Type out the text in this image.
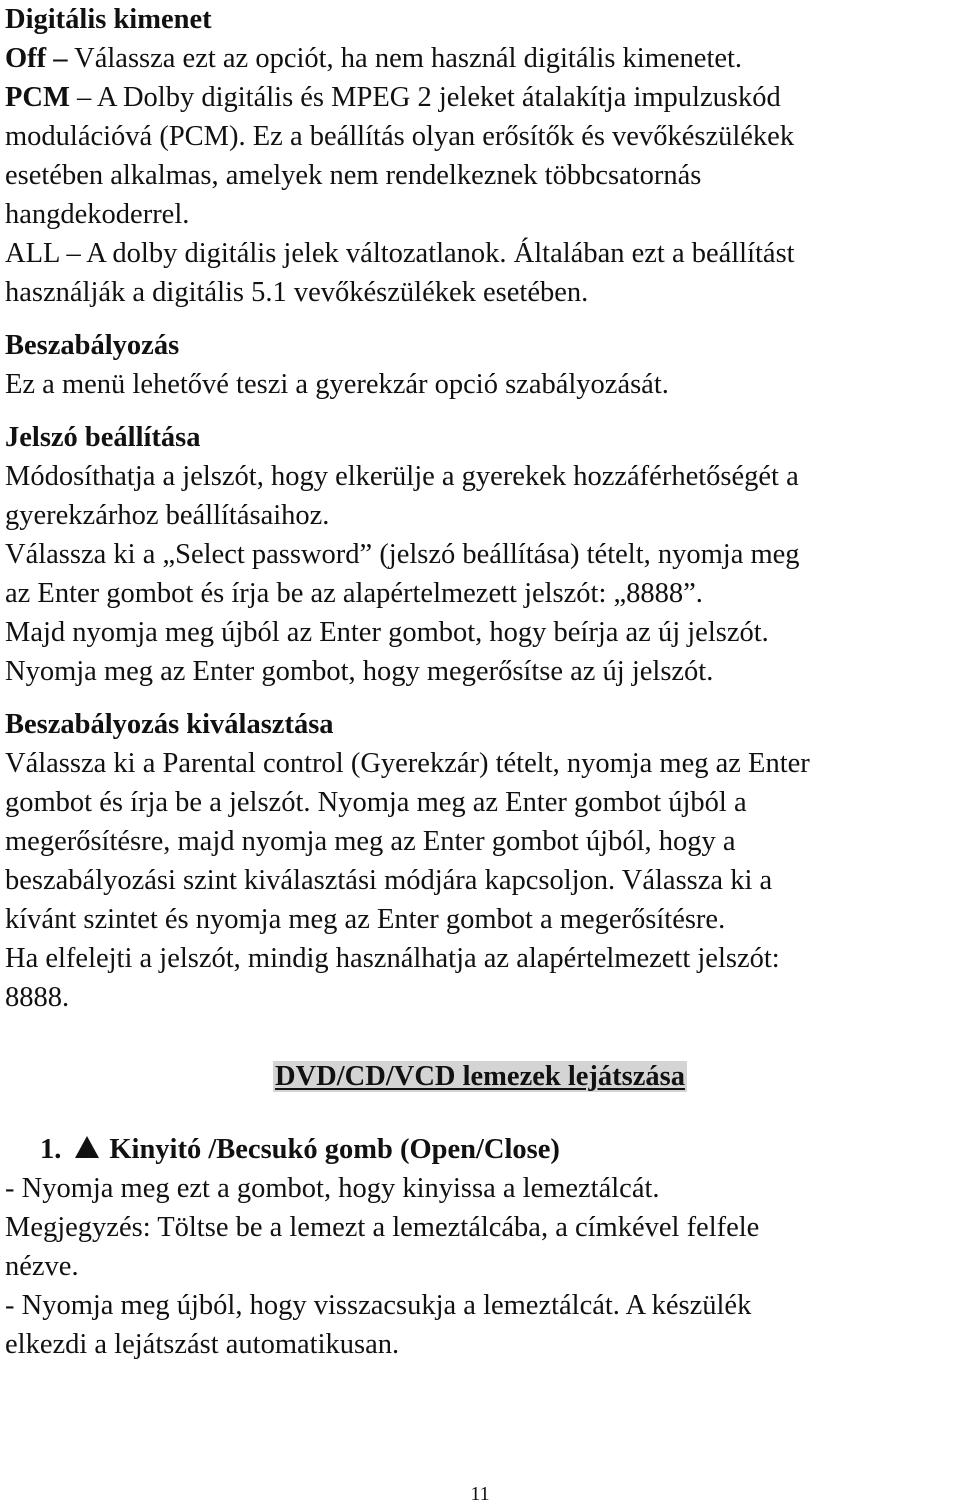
Digitális kimenet

Off – Válassza ezt az opciót, ha nem használ digitális kimenetet.

PCM – A Dolby digitális és MPEG 2 jeleket átalakítja impulzuskód

modulációvá (PCM). Ez a beállítás olyan erősítők és vevőkészülékek

esetében alkalmas, amelyek nem rendelkeznek többcsatornás

hangdekoderrel.

ALL – A dolby digitális jelek változatlanok. Általában ezt a beállítást

használják a digitális 5.1 vevőkészülékek esetében.

Beszabályozás

Ez a menü lehetővé teszi a gyerekzár opció szabályozását.

Jelszó beállítása

Módosíthatja a jelszót, hogy elkerülje a gyerekek hozzáférhetőségét a

gyerekzárhoz beállításaihoz.

Válassza ki a „Select password” (jelszó beállítása) tételt, nyomja meg

az Enter gombot és írja be az alapértelmezett jelszót: „8888”.

Majd nyomja meg újból az Enter gombot, hogy beírja az új jelszót.

Nyomja meg az Enter gombot, hogy megerősítse az új jelszót.

Beszabályozás kiválasztása

Válassza ki a Parental control (Gyerekzár) tételt, nyomja meg az Enter

gombot és írja be a jelszót. Nyomja meg az Enter gombot újból a

megerősítésre, majd nyomja meg az Enter gombot újból, hogy a

beszabályozási szint kiválasztási módjára kapcsoljon. Válassza ki a

kívánt szintet és nyomja meg az Enter gombot a megerősítésre.

Ha elfelejti a jelszót, mindig használhatja az alapértelmezett jelszót:

8888.

DVD/CD/VCD lemezek lejátszása

1. Kinyitó /Becsukó gomb (Open/Close)

- Nyomja meg ezt a gombot, hogy kinyissa a lemeztálcát.

Megjegyzés: Töltse be a lemezt a lemeztálcába, a címkével felfele

nézve.

- Nyomja meg újból, hogy visszacsukja a lemeztálcát. A készülék

elkezdi a lejátszást automatikusan.

11
